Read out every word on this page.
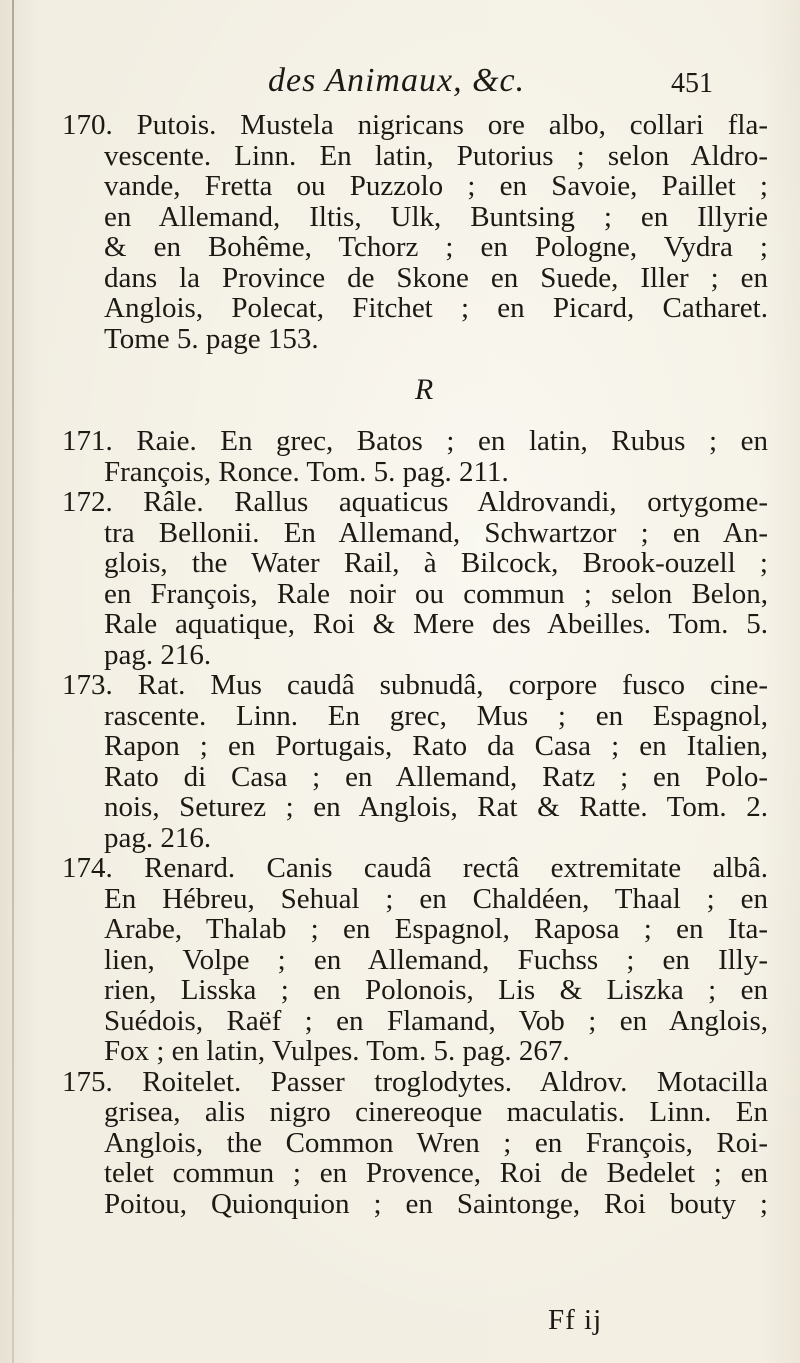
des Animaux, &c.	451
170. Putois. Mustela nigricans ore albo, collari fla-
vescente. Linn. En latin, Putorius ; selon Aldro-
vande, Fretta ou Puzzolo ; en Savoie, Paillet ;
en Allemand, Iltis, Ulk, Buntsing ; en Illyrie
& en Bohême, Tchorz ; en Pologne, Vydra ;
dans la Province de Skone en Suede, Iller ; en
Anglois, Polecat, Fitchet ; en Picard, Catharet.
Tome 5. page 153.
R
171. Raie. En grec, Batos ; en latin, Rubus ; en
François, Ronce. Tom. 5. pag. 211.
172. Râle. Rallus aquaticus Aldrovandi, ortygome-
tra Bellonii. En Allemand, Schwartzor ; en An-
glois, the Water Rail, à Bilcock, Brook-ouzell ;
en François, Rale noir ou commun ; selon Belon,
Rale aquatique, Roi & Mere des Abeilles. Tom. 5.
pag. 216.
173. Rat. Mus caudâ subnudâ, corpore fusco cine-
rascente. Linn. En grec, Mus ; en Espagnol,
Rapon ; en Portugais, Rato da Casa ; en Italien,
Rato di Casa ; en Allemand, Ratz ; en Polo-
nois, Seturez ; en Anglois, Rat & Ratte. Tom. 2.
pag. 216.
174. Renard. Canis caudâ rectâ extremitate albâ.
En Hébreu, Sehual ; en Chaldéen, Thaal ; en
Arabe, Thalab ; en Espagnol, Raposa ; en Ita-
lien, Volpe ; en Allemand, Fuchss ; en Illy-
rien, Lisska ; en Polonois, Lis & Liszka ; en
Suédois, Raëf ; en Flamand, Vob ; en Anglois,
Fox ; en latin, Vulpes. Tom. 5. pag. 267.
175. Roitelet. Passer troglodytes. Aldrov. Motacilla
grisea, alis nigro cinereoque maculatis. Linn. En
Anglois, the Common Wren ; en François, Roi-
telet commun ; en Provence, Roi de Bedelet ; en
Poitou, Quionquion ; en Saintonge, Roi bouty ;
Ff ij
